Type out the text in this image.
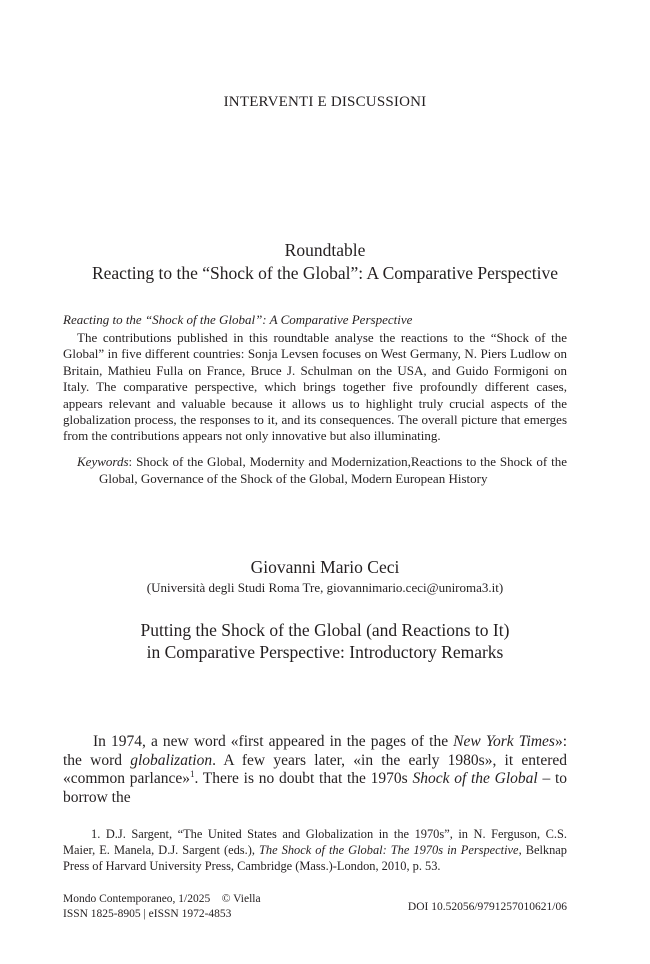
INTERVENTI E DISCUSSIONI
Roundtable
Reacting to the “Shock of the Global”: A Comparative Perspective
Reacting to the “Shock of the Global”: A Comparative Perspective
The contributions published in this roundtable analyse the reactions to the “Shock of the Global” in five different countries: Sonja Levsen focuses on West Germany, N. Piers Ludlow on Britain, Mathieu Fulla on France, Bruce J. Schulman on the USA, and Guido Formigoni on Italy. The comparative perspective, which brings together five profoundly different cases, appears relevant and valuable because it allows us to highlight truly crucial aspects of the globalization process, the responses to it, and its consequences. The overall picture that emerges from the contributions appears not only innovative but also illuminating.
Keywords: Shock of the Global, Modernity and Modernization,Reactions to the Shock of the Global, Governance of the Shock of the Global, Modern European History
Giovanni Mario Ceci
(Università degli Studi Roma Tre, giovannimario.ceci@uniroma3.it)
Putting the Shock of the Global (and Reactions to It)
in Comparative Perspective: Introductory Remarks
In 1974, a new word «first appeared in the pages of the New York Times»: the word globalization. A few years later, «in the early 1980s», it entered «common parlance»$^1$. There is no doubt that the 1970s Shock of the Global – to borrow the
1. D.J. Sargent, “The United States and Globalization in the 1970s”, in N. Ferguson, C.S. Maier, E. Manela, D.J. Sargent (eds.), The Shock of the Global: The 1970s in Perspective, Belknap Press of Harvard University Press, Cambridge (Mass.)-London, 2010, p. 53.
Mondo Contemporaneo, 1/2025    © Viella
ISSN 1825-8905 | eISSN 1972-4853
DOI 10.52056/9791257010621/06
